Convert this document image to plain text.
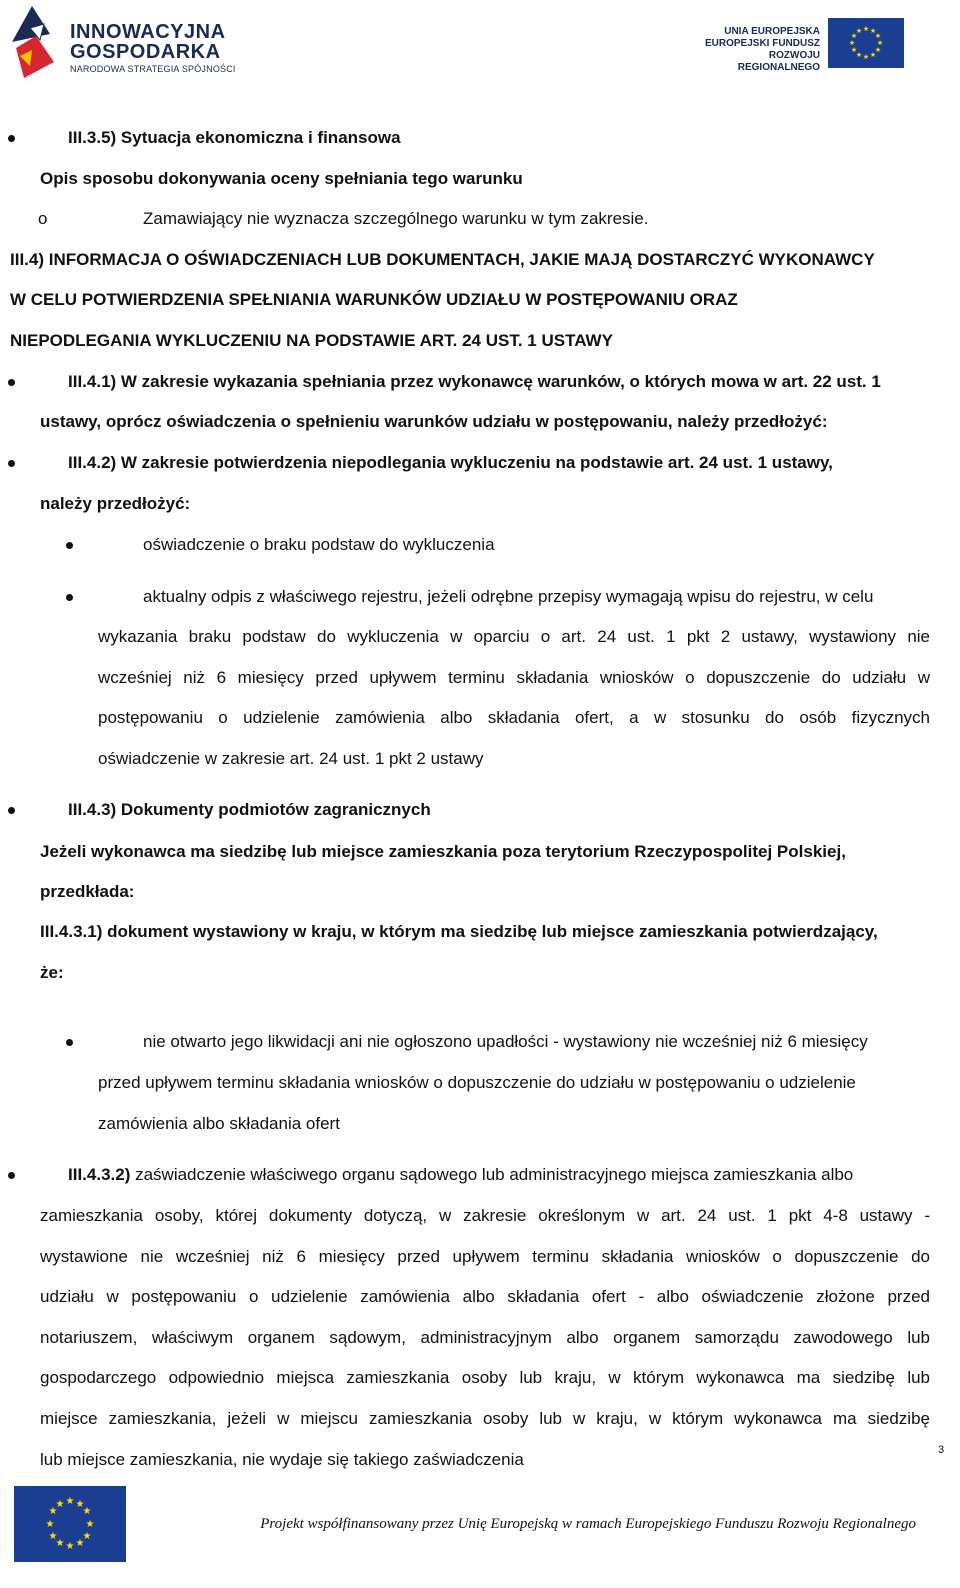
INNOWACYJNA
GOSPODARKA
NARODOWA STRATEGIA SPÓJNOŚCI
UNIA EUROPEJSKA
EUROPEJSKI FUNDUSZ
ROZWOJU REGIONALNEGO
★ ★
★
★
★
★
★
★
★
★
★
★
III.3.5) Sytuacja ekonomiczna i finansowa
Opis sposobu dokonywania oceny spełniania tego warunku
o	Zamawiający nie wyznacza szczególnego warunku w tym zakresie.
III.4) INFORMACJA O OŚWIADCZENIACH LUB DOKUMENTACH, JAKIE MAJĄ DOSTARCZYĆ WYKONAWCY
W CELU POTWIERDZENIA SPEŁNIANIA WARUNKÓW UDZIAŁU W POSTĘPOWANIU ORAZ
NIEPODLEGANIA WYKLUCZENIU NA PODSTAWIE ART. 24 UST. 1 USTAWY
III.4.1) W zakresie wykazania spełniania przez wykonawcę warunków, o których mowa w art. 22 ust. 1
ustawy, oprócz oświadczenia o spełnieniu warunków udziału w postępowaniu, należy przedłożyć:
III.4.2) W zakresie potwierdzenia niepodlegania wykluczeniu na podstawie art. 24 ust. 1 ustawy,
należy przedłożyć:
oświadczenie o braku podstaw do wykluczenia
aktualny odpis z właściwego rejestru, jeżeli odrębne przepisy wymagają wpisu do rejestru, w celu
wykazania braku podstaw do wykluczenia w oparciu o art. 24 ust. 1 pkt 2 ustawy, wystawiony nie
wcześniej niż 6 miesięcy przed upływem terminu składania wniosków o dopuszczenie do udziału w
postępowaniu o udzielenie zamówienia albo składania ofert, a w stosunku do osób fizycznych
oświadczenie w zakresie art. 24 ust. 1 pkt 2 ustawy
III.4.3) Dokumenty podmiotów zagranicznych
Jeżeli wykonawca ma siedzibę lub miejsce zamieszkania poza terytorium Rzeczypospolitej Polskiej,
przedkłada:
III.4.3.1) dokument wystawiony w kraju, w którym ma siedzibę lub miejsce zamieszkania potwierdzający,
że:
nie otwarto jego likwidacji ani nie ogłoszono upadłości - wystawiony nie wcześniej niż 6 miesięcy
przed upływem terminu składania wniosków o dopuszczenie do udziału w postępowaniu o udzielenie
zamówienia albo składania ofert
III.4.3.2) zaświadczenie właściwego organu sądowego lub administracyjnego miejsca zamieszkania albo
zamieszkania osoby, której dokumenty dotyczą, w zakresie określonym w art. 24 ust. 1 pkt 4-8 ustawy -
wystawione nie wcześniej niż 6 miesięcy przed upływem terminu składania wniosków o dopuszczenie do
udziału w postępowaniu o udzielenie zamówienia albo składania ofert - albo oświadczenie złożone przed
notariuszem, właściwym organem sądowym, administracyjnym albo organem samorządu zawodowego lub
gospodarczego odpowiednio miejsca zamieszkania osoby lub kraju, w którym wykonawca ma siedzibę lub
miejsce zamieszkania, jeżeli w miejscu zamieszkania osoby lub w kraju, w którym wykonawca ma siedzibę
lub miejsce zamieszkania, nie wydaje się takiego zaświadczenia	3
★ ★
★
★
★
★
★
★
★
★
★
★
Projekt współfinansowany przez Unię Europejską w ramach Europejskiego Funduszu Rozwoju Regionalnego
